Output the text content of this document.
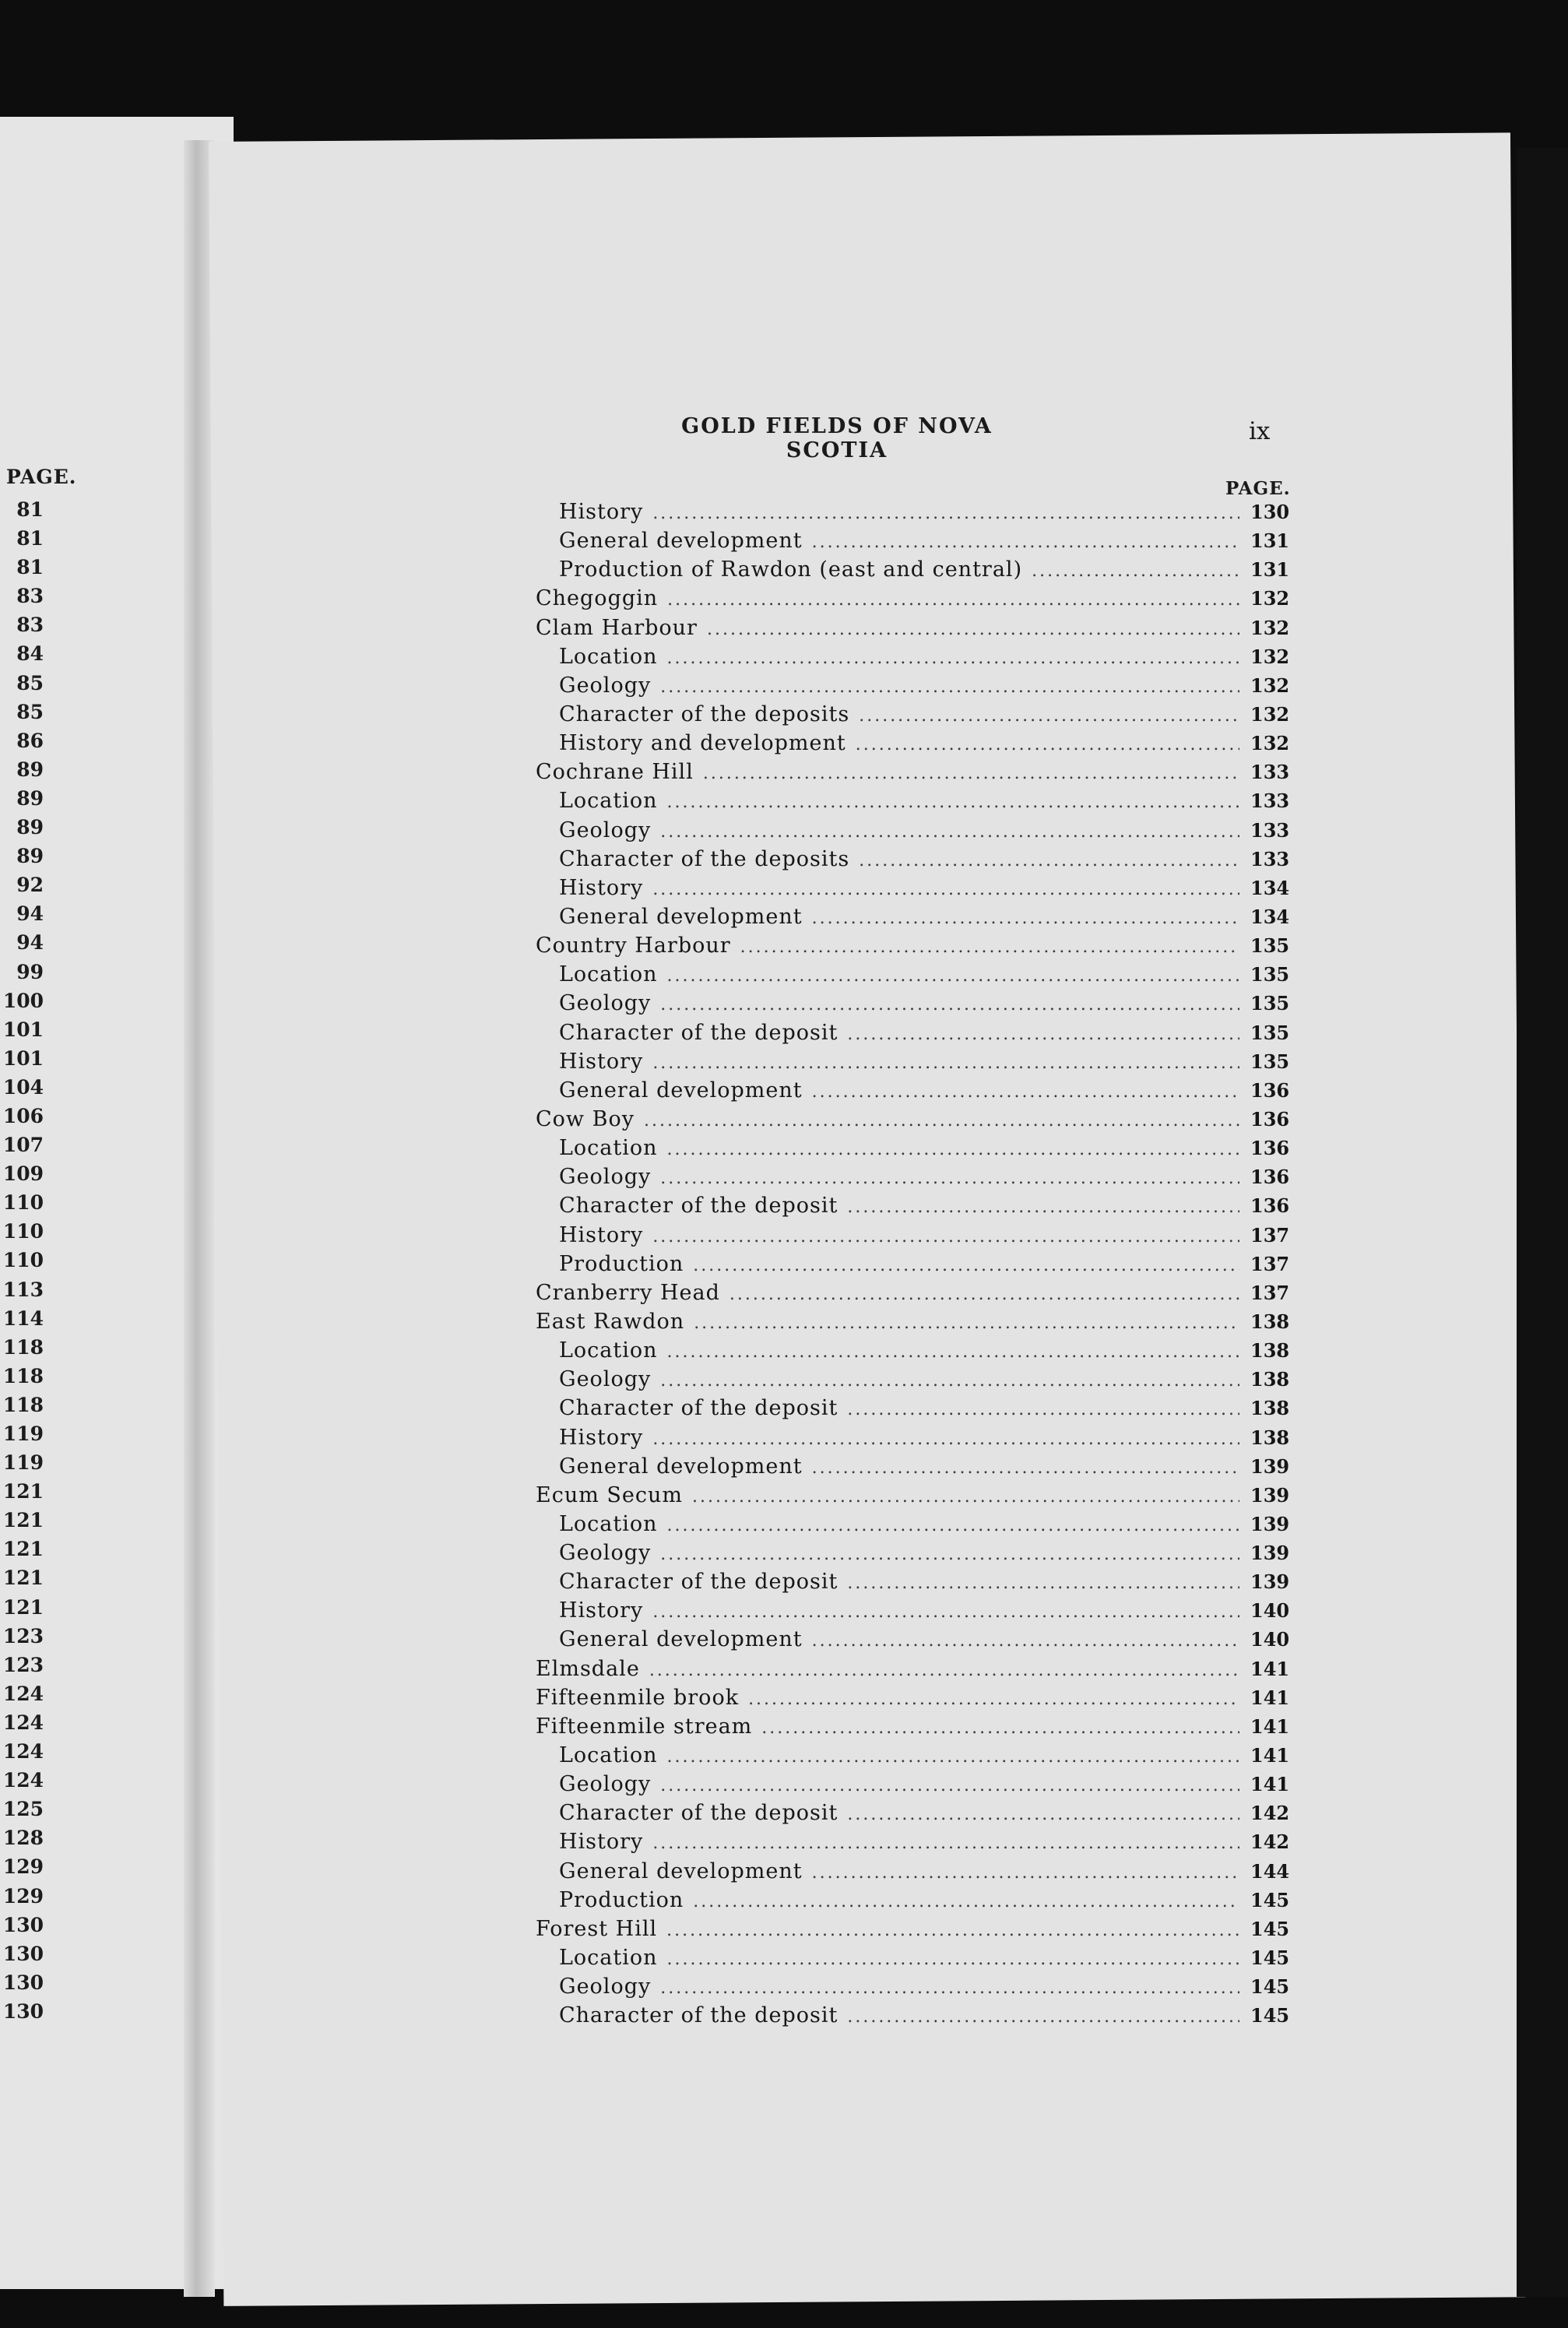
PAGE.
81
81
81
83
83
84
85
85
86
89
89
89
89
92
94
94
99
100
101
101
104
106
107
109
110
110
110
113
114
118
118
118
119
119
121
121
121
121
121
123
123
124
124
124
124
125
128
129
129
130
130
130
130
GOLD FIELDS OF NOVA SCOTIA
ix
PAGE.
History .....	130
General development .....	131
Production of Rawdon (east and central) .....	131
Chegoggin .....	132
Clam Harbour .....	132
Location .....	132
Geology .....	132
Character of the deposits .....	132
History and development .....	132
Cochrane Hill .....	133
Location .....	133
Geology .....	133
Character of the deposits .....	133
History .....	134
General development .....	134
Country Harbour .....	135
Location .....	135
Geology .....	135
Character of the deposit .....	135
History .....	135
General development .....	136
Cow Boy .....	136
Location .....	136
Geology .....	136
Character of the deposit .....	136
History .....	137
Production .....	137
Cranberry Head .....	137
East Rawdon .....	138
Location .....	138
Geology .....	138
Character of the deposit .....	138
History .....	138
General development .....	139
Ecum Secum .....	139
Location .....	139
Geology .....	139
Character of the deposit .....	139
History .....	140
General development .....	140
Elmsdale .....	141
Fifteenmile brook .....	141
Fifteenmile stream .....	141
Location .....	141
Geology .....	141
Character of the deposit .....	142
History .....	142
General development .....	144
Production .....	145
Forest Hill .....	145
Location .....	145
Geology .....	145
Character of the deposit .....	145
